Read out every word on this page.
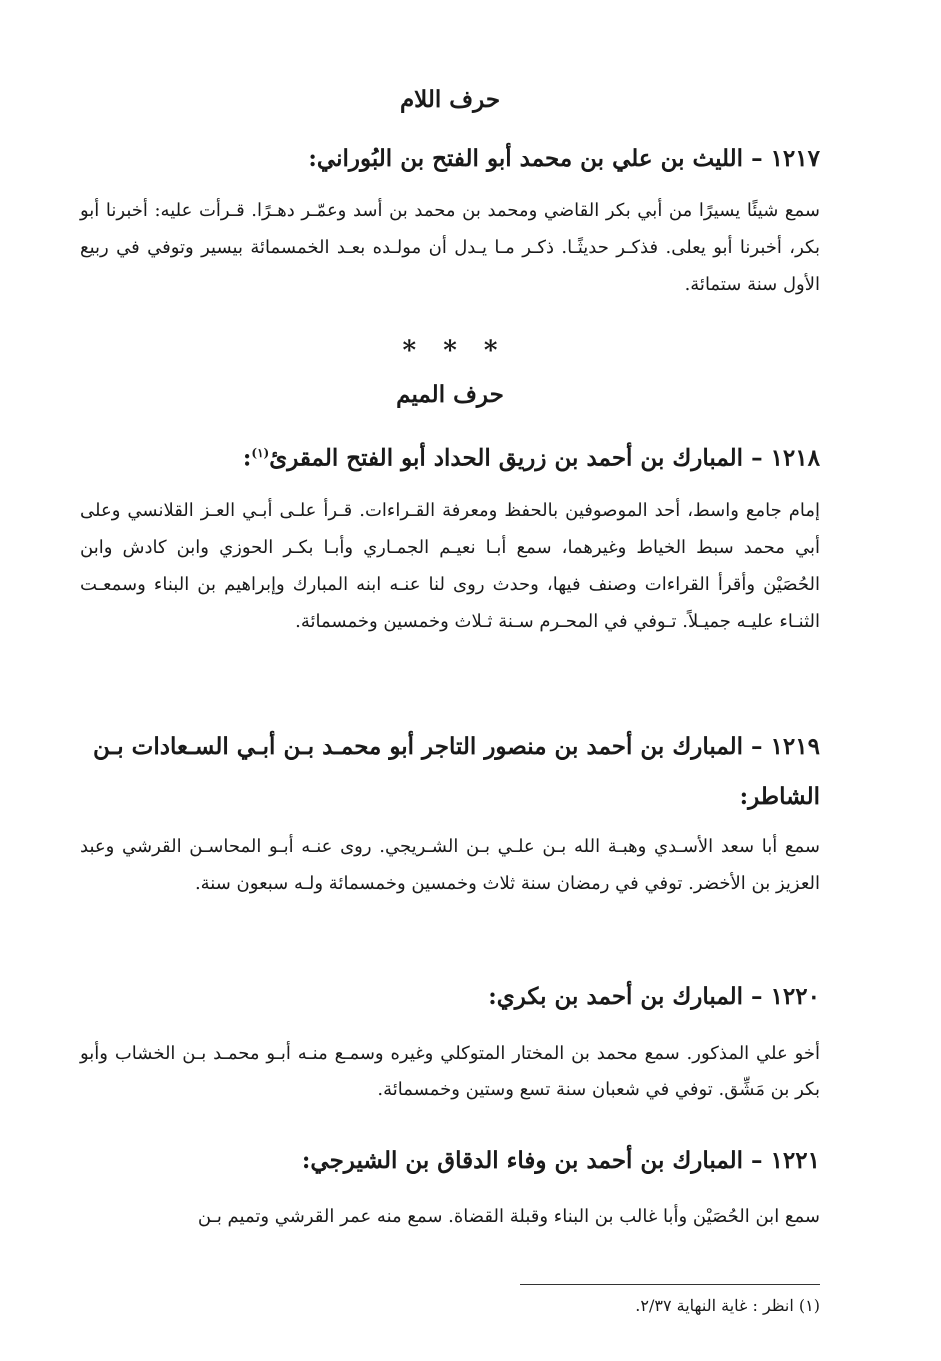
حرف اللام
١٢١٧ – الليث بن علي بن محمد أبو الفتح بن البُوراني:
سمع شيئًا يسيرًا من أبي بكر القاضي ومحمد بن محمد بن أسد وعمّـر دهـرًا. قـرأت عليه: أخبرنا أبو بكر، أخبرنا أبو يعلى. فذكـر حديثًـا. ذكـر مـا يـدل أن مولـده بعـد الخمسمائة بيسير وتوفي في ربيع الأول سنة ستمائة.
* * *
حرف الميم
١٢١٨ – المبارك بن أحمد بن زريق الحداد أبو الفتح المقرئ$^{(١)}$:
إمام جامع واسط، أحد الموصوفين بالحفظ ومعرفة القـراءات. قـرأ علـى أبـي العـز القلانسي وعلى أبي محمد سبط الخياط وغيرهما، سمع أبـا نعيـم الجمـاري وأبـا بكـر الحوزي وابن كادش وابن الحُصَيْن وأقرأ القراءات وصنف فيها، وحدث روى لنا عنـه ابنه المبارك وإبراهيم بن البناء وسمعـت الثنـاء عليـه جميـلاً. تـوفي في المحـرم سـنة ثـلاث وخمسين وخمسمائة.
١٢١٩ – المبارك بن أحمد بن منصور التاجر أبو محمـد بـن أبـي السـعادات بـن الشاطر:
سمع أبا سعد الأسـدي وهبـة الله بـن علـي بـن الشـريجي. روى عنـه أبـو المحاسـن القرشي وعبد العزيز بن الأخضر. توفي في رمضان سنة ثلاث وخمسين وخمسمائة ولـه سبعون سنة.
١٢٢٠ – المبارك بن أحمد بن بكري:
أخو علي المذكور. سمع محمد بن المختار المتوكلي وغيره وسمـع منـه أبـو محمـد بـن الخشاب وأبو بكر بن مَشِّق. توفي في شعبان سنة تسع وستين وخمسمائة.
١٢٢١ – المبارك بن أحمد بن وفاء الدقاق بن الشيرجي:
سمع ابن الحُصَيْن وأبا غالب بن البناء وقبلة القضاة. سمع منه عمر القرشي وتميم بـن
(١) انظر : غاية النهاية ٢/٣٧.
